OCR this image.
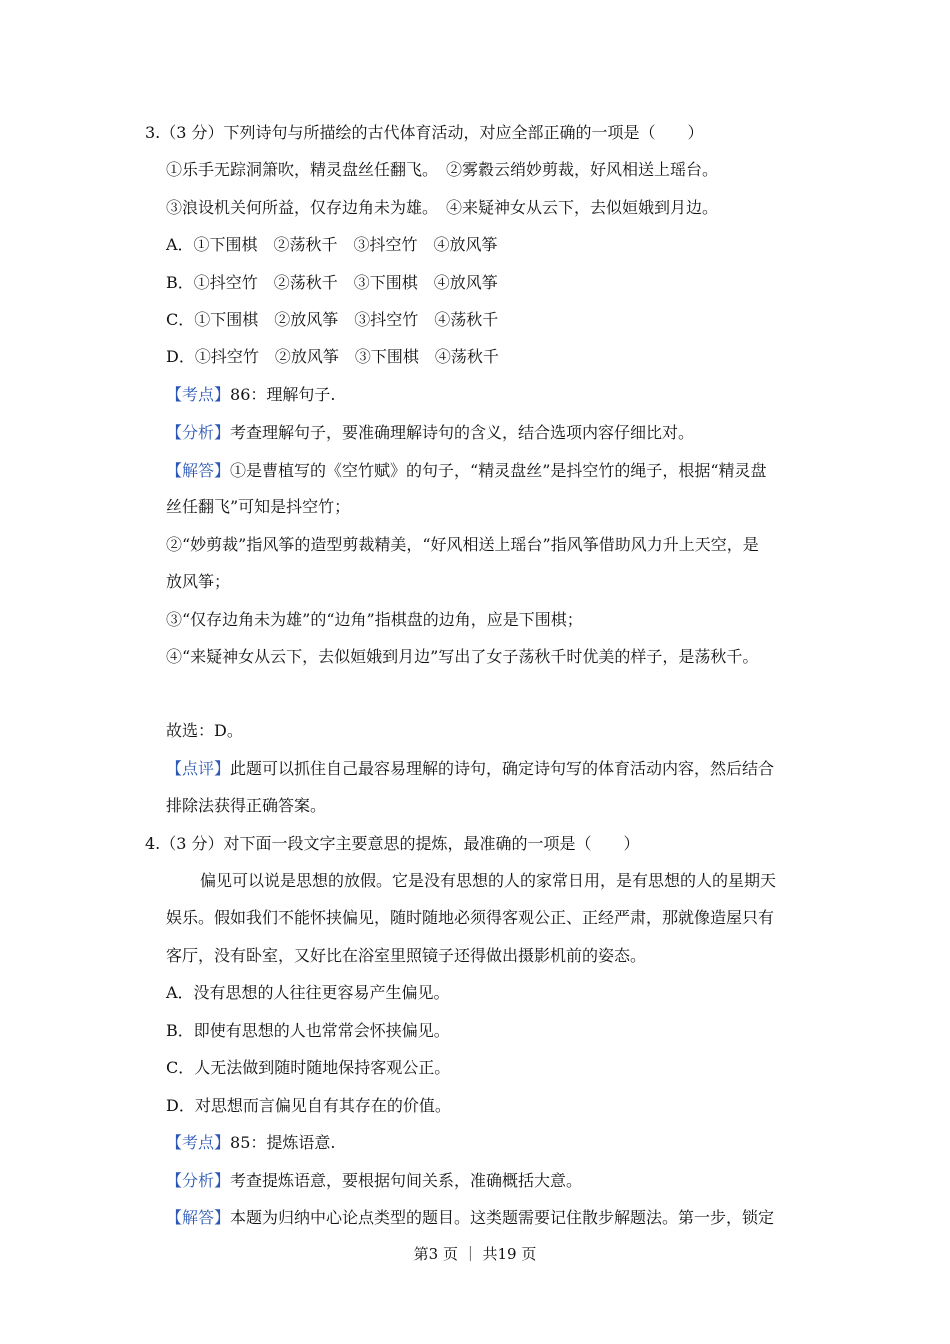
3.（3 分）下列诗句与所描绘的古代体育活动，对应全部正确的一项是（　　）
①乐手无踪洞箫吹，精灵盘丝任翻飞。　②雾縠云绡妙剪裁，好风相送上瑶台。
③浪设机关何所益，仅存边角未为雄。　④来疑神女从云下，去似姮娥到月边。
A．①下围棋　②荡秋千　③抖空竹　④放风筝
B．①抖空竹　②荡秋千　③下围棋　④放风筝
C．①下围棋　②放风筝　③抖空竹　④荡秋千
D．①抖空竹　②放风筝　③下围棋　④荡秋千
【考点】86：理解句子.
【分析】考查理解句子，要准确理解诗句的含义，结合选项内容仔细比对。
【解答】①是曹植写的《空竹赋》的句子，“精灵盘丝”是抖空竹的绳子，根据“精灵盘
丝任翻飞”可知是抖空竹；
②“妙剪裁”指风筝的造型剪裁精美，“好风相送上瑶台”指风筝借助风力升上天空，是
放风筝；
③“仅存边角未为雄”的“边角”指棋盘的边角，应是下围棋；
④“来疑神女从云下，去似姮娥到月边”写出了女子荡秋千时优美的样子，是荡秋千。
故选：D。
【点评】此题可以抓住自己最容易理解的诗句，确定诗句写的体育活动内容，然后结合
排除法获得正确答案。
4.（3 分）对下面一段文字主要意思的提炼，最准确的一项是（　　）
偏见可以说是思想的放假。它是没有思想的人的家常日用，是有思想的人的星期天
娱乐。假如我们不能怀挟偏见，随时随地必须得客观公正、正经严肃，那就像造屋只有
客厅，没有卧室，又好比在浴室里照镜子还得做出摄影机前的姿态。
A．没有思想的人往往更容易产生偏见。
B．即使有思想的人也常常会怀挟偏见。
C．人无法做到随时随地保持客观公正。
D．对思想而言偏见自有其存在的价值。
【考点】85：提炼语意.
【分析】考查提炼语意，要根据句间关系，准确概括大意。
【解答】本题为归纳中心论点类型的题目。这类题需要记住散步解题法。第一步，锁定
第3 页 ｜ 共19 页
